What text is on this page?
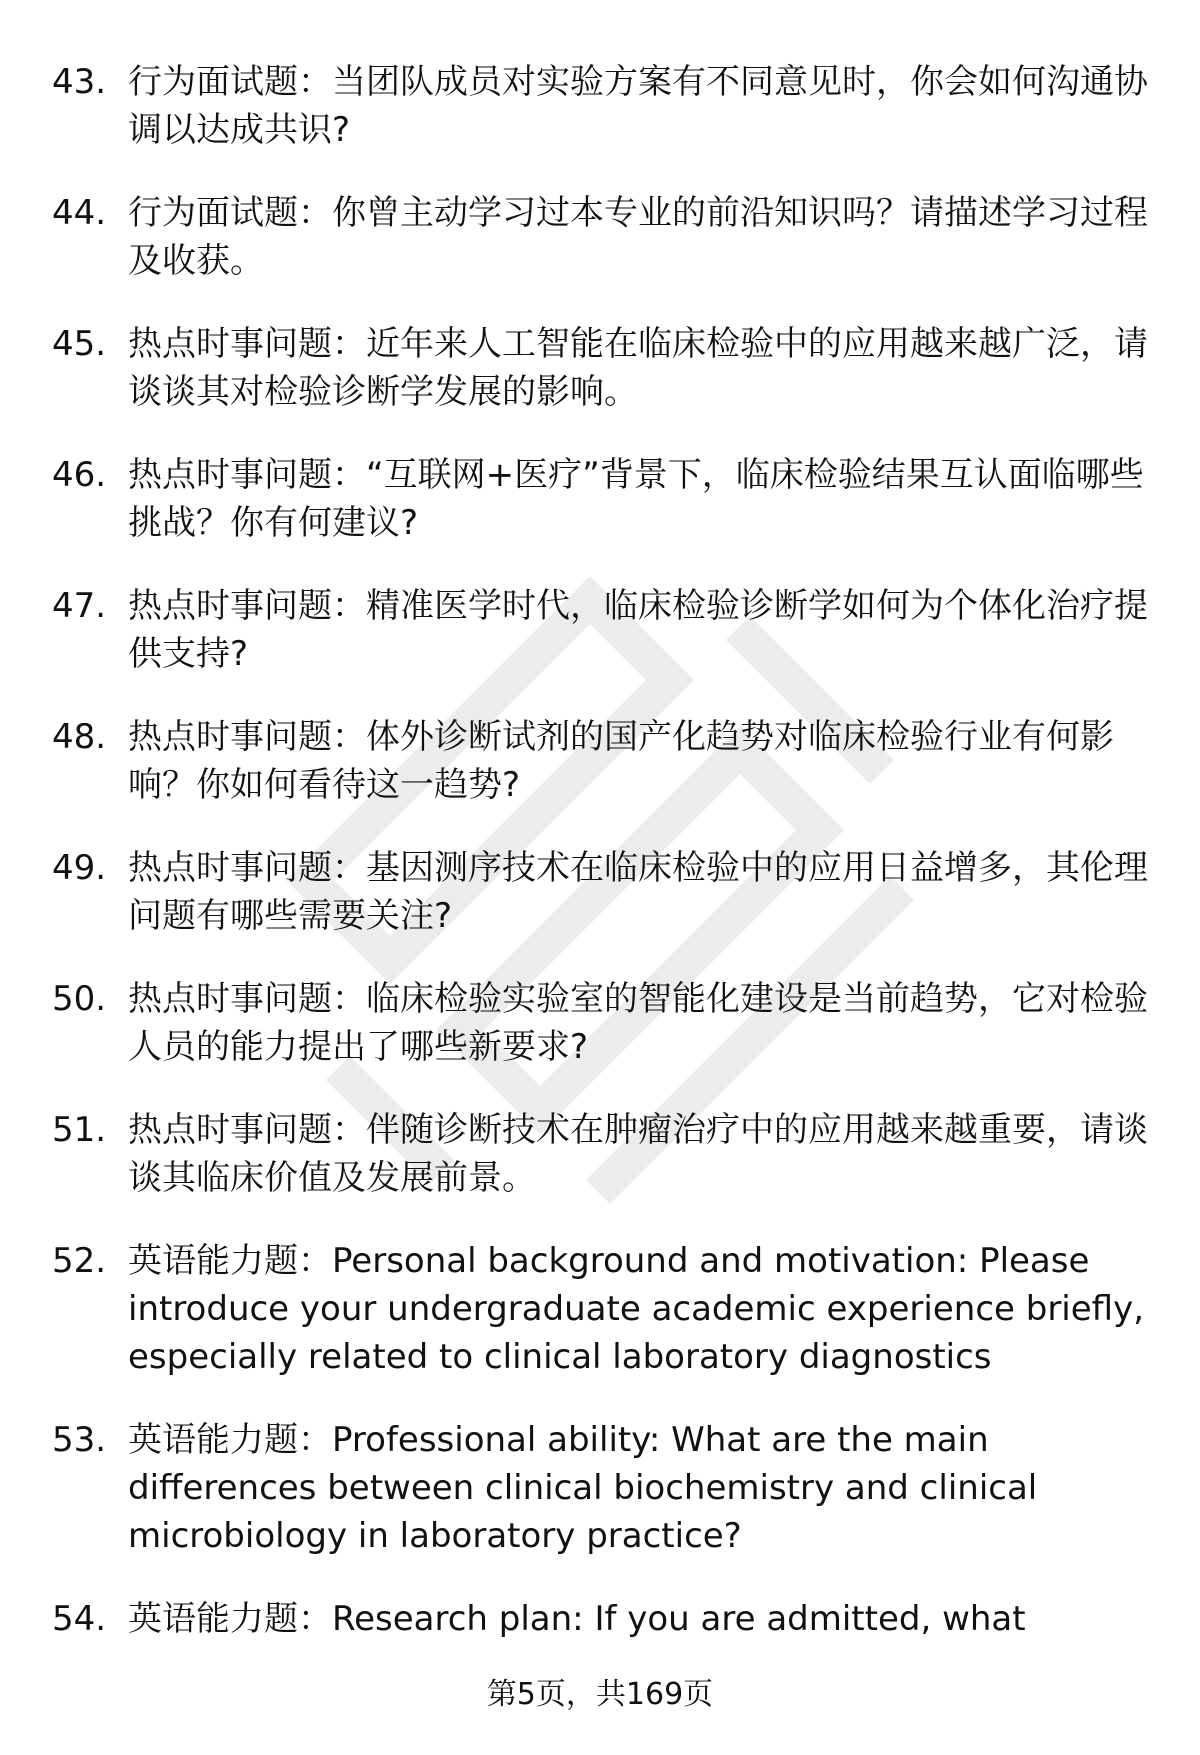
43. 行为面试题：当团队成员对实验方案有不同意见时，你会如何沟通协调以达成共识?
44. 行为面试题：你曾主动学习过本专业的前沿知识吗？请描述学习过程及收获。
45. 热点时事问题：近年来人工智能在临床检验中的应用越来越广泛，请谈谈其对检验诊断学发展的影响。
46. 热点时事问题：“互联网+医疗”背景下，临床检验结果互认面临哪些挑战？你有何建议?
47. 热点时事问题：精准医学时代，临床检验诊断学如何为个体化治疗提供支持?
48. 热点时事问题：体外诊断试剂的国产化趋势对临床检验行业有何影响？你如何看待这一趋势?
49. 热点时事问题：基因测序技术在临床检验中的应用日益增多，其伦理问题有哪些需要关注?
50. 热点时事问题：临床检验实验室的智能化建设是当前趋势，它对检验人员的能力提出了哪些新要求?
51. 热点时事问题：伴随诊断技术在肿瘤治疗中的应用越来越重要，请谈谈其临床价值及发展前景。
52. 英语能力题：Personal background and motivation: Please introduce your undergraduate academic experience briefly, especially related to clinical laboratory diagnostics
53. 英语能力题：Professional ability: What are the main differences between clinical biochemistry and clinical microbiology in laboratory practice?
54. 英语能力题：Research plan: If you are admitted, what
第5页，共169页
